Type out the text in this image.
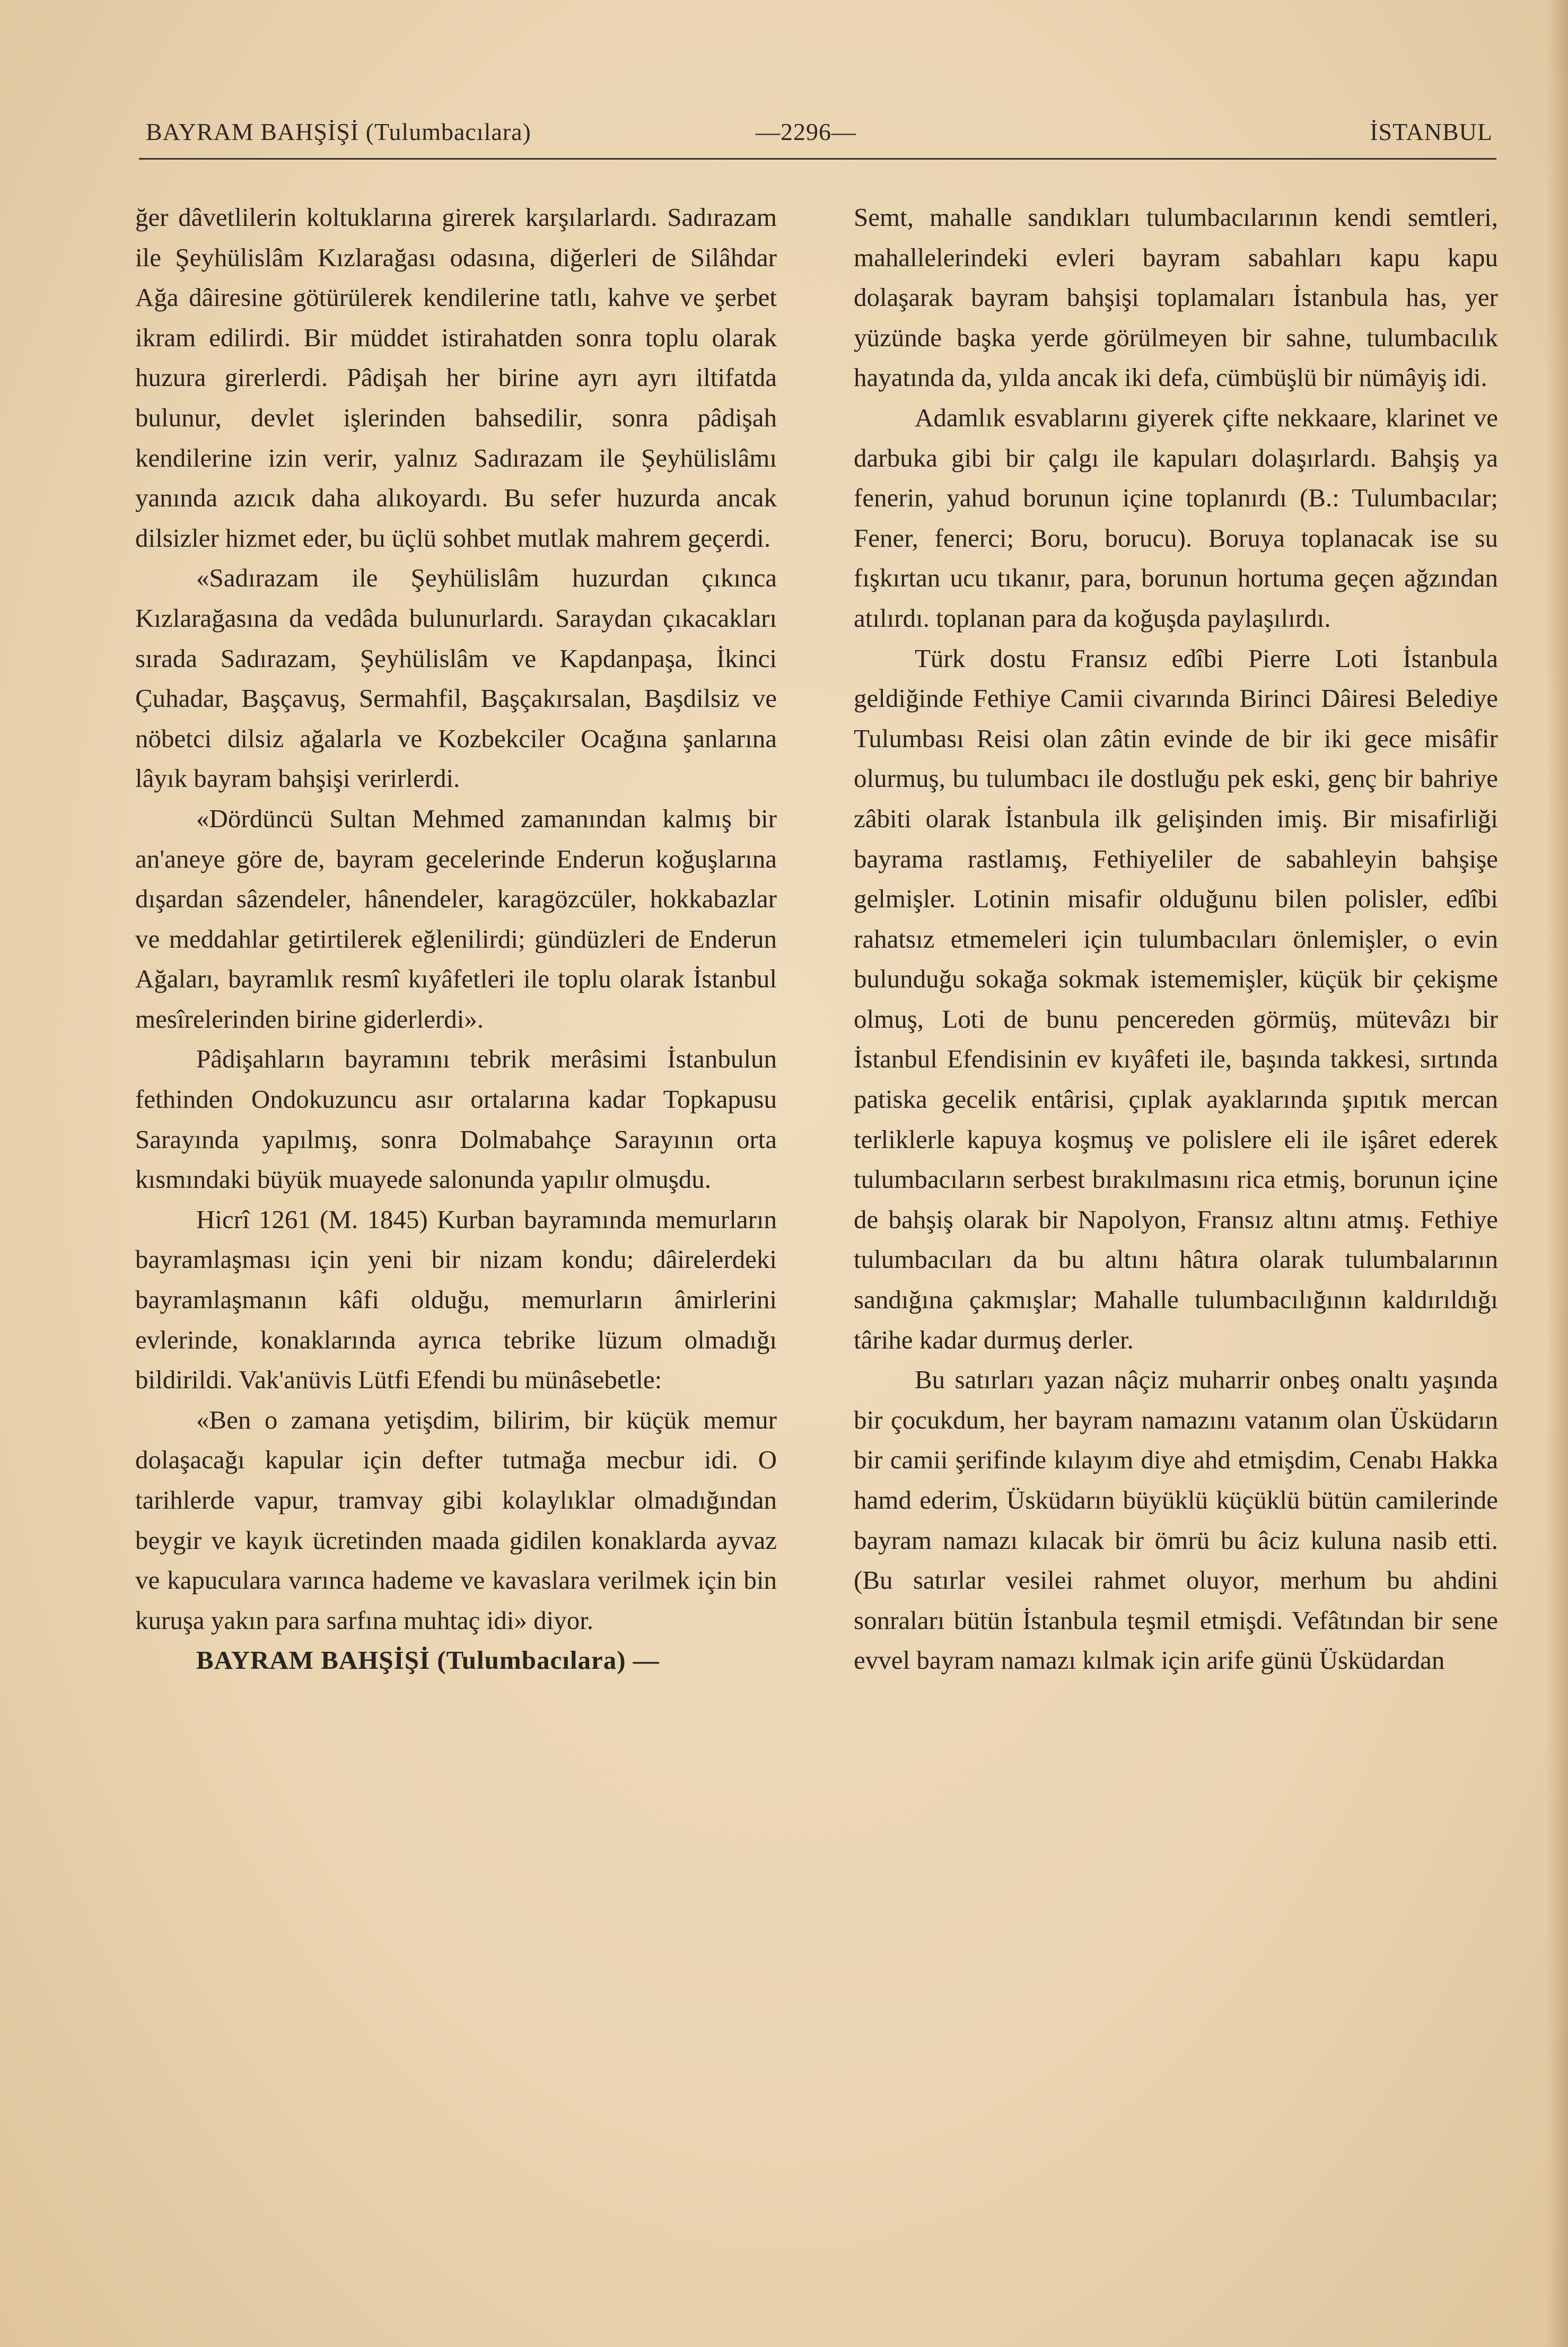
BAYRAM BAHŞİŞİ (Tulumbacılara)	—2296—	İSTANBUL

ğer dâvetlilerin koltuklarına girerek karşılarlardı. Sadırazam ile Şeyhülislâm Kızlarağası odasına, diğerleri de Silâhdar Ağa dâiresine götürülerek kendilerine tatlı, kahve ve şerbet ikram edilirdi. Bir müddet istirahatden sonra toplu olarak huzura girerlerdi. Pâdişah her birine ayrı ayrı iltifatda bulunur, devlet işlerinden bahsedilir, sonra pâdişah kendilerine izin verir, yalnız Sadırazam ile Şeyhülislâmı yanında azıcık daha alıkoyardı. Bu sefer huzurda ancak dilsizler hizmet eder, bu üçlü sohbet mutlak mahrem geçerdi.

«Sadırazam ile Şeyhülislâm huzurdan çıkınca Kızlarağasına da vedâda bulunurlardı. Saraydan çıkacakları sırada Sadırazam, Şeyhülislâm ve Kapdanpaşa, İkinci Çuhadar, Başçavuş, Sermahfil, Başçakırsalan, Başdilsiz ve nöbetci dilsiz ağalarla ve Kozbekciler Ocağına şanlarına lâyık bayram bahşişi verirlerdi.

«Dördüncü Sultan Mehmed zamanından kalmış bir an'aneye göre de, bayram gecelerinde Enderun koğuşlarına dışardan sâzendeler, hânendeler, karagözcüler, hokkabazlar ve meddahlar getirtilerek eğlenilirdi; gündüzleri de Enderun Ağaları, bayramlık resmî kıyâfetleri ile toplu olarak İstanbul mesîrelerinden birine giderlerdi».

Pâdişahların bayramını tebrik merâsimi İstanbulun fethinden Ondokuzuncu asır ortalarına kadar Topkapusu Sarayında yapılmış, sonra Dolmabahçe Sarayının orta kısmındaki büyük muayede salonunda yapılır olmuşdu.

Hicrî 1261 (M. 1845) Kurban bayramında memurların bayramlaşması için yeni bir nizam kondu; dâirelerdeki bayramlaşmanın kâfi olduğu, memurların âmirlerini evlerinde, konaklarında ayrıca tebrike lüzum olmadığı bildirildi. Vak'anüvis Lütfi Efendi bu münâsebetle:

«Ben o zamana yetişdim, bilirim, bir küçük memur dolaşacağı kapular için defter tutmağa mecbur idi. O tarihlerde vapur, tramvay gibi kolaylıklar olmadığından beygir ve kayık ücretinden maada gidilen konaklarda ayvaz ve kapuculara varınca hademe ve kavaslara verilmek için bin kuruşa yakın para sarfına muhtaç idi» diyor.

BAYRAM BAHŞİŞİ (Tulumbacılara) —

Semt, mahalle sandıkları tulumbacılarının kendi semtleri, mahallelerindeki evleri bayram sabahları kapu kapu dolaşarak bayram bahşişi toplamaları İstanbula has, yer yüzünde başka yerde görülmeyen bir sahne, tulumbacılık hayatında da, yılda ancak iki defa, cümbüşlü bir nümâyiş idi.

Adamlık esvablarını giyerek çifte nekkaare, klarinet ve darbuka gibi bir çalgı ile kapuları dolaşırlardı. Bahşiş ya fenerin, yahud borunun içine toplanırdı (B.: Tulumbacılar; Fener, fenerci; Boru, borucu). Boruya toplanacak ise su fışkırtan ucu tıkanır, para, borunun hortuma geçen ağzından atılırdı. toplanan para da koğuşda paylaşılırdı.

Türk dostu Fransız edîbi Pierre Loti İstanbula geldiğinde Fethiye Camii civarında Birinci Dâiresi Belediye Tulumbası Reisi olan zâtin evinde de bir iki gece misâfir olurmuş, bu tulumbacı ile dostluğu pek eski, genç bir bahriye zâbiti olarak İstanbula ilk gelişinden imiş. Bir misafirliği bayrama rastlamış, Fethiyeliler de sabahleyin bahşişe gelmişler. Lotinin misafir olduğunu bilen polisler, edîbi rahatsız etmemeleri için tulumbacıları önlemişler, o evin bulunduğu sokağa sokmak istememişler, küçük bir çekişme olmuş, Loti de bunu pencereden görmüş, mütevâzı bir İstanbul Efendisinin ev kıyâfeti ile, başında takkesi, sırtında patiska gecelik entârisi, çıplak ayaklarında şıpıtık mercan terliklerle kapuya koşmuş ve polislere eli ile işâret ederek tulumbacıların serbest bırakılmasını rica etmiş, borunun içine de bahşiş olarak bir Napolyon, Fransız altını atmış. Fethiye tulumbacıları da bu altını hâtıra olarak tulumbalarının sandığına çakmışlar; Mahalle tulumbacılığının kaldırıldığı târihe kadar durmuş derler.

Bu satırları yazan nâçiz muharrir onbeş onaltı yaşında bir çocukdum, her bayram namazını vatanım olan Üsküdarın bir camii şerifinde kılayım diye ahd etmişdim, Cenabı Hakka hamd ederim, Üsküdarın büyüklü küçüklü bütün camilerinde bayram namazı kılacak bir ömrü bu âciz kuluna nasib etti. (Bu satırlar vesilei rahmet oluyor, merhum bu ahdini sonraları bütün İstanbula teşmil etmişdi. Vefâtından bir sene evvel bayram namazı kılmak için arife günü Üsküdardan
